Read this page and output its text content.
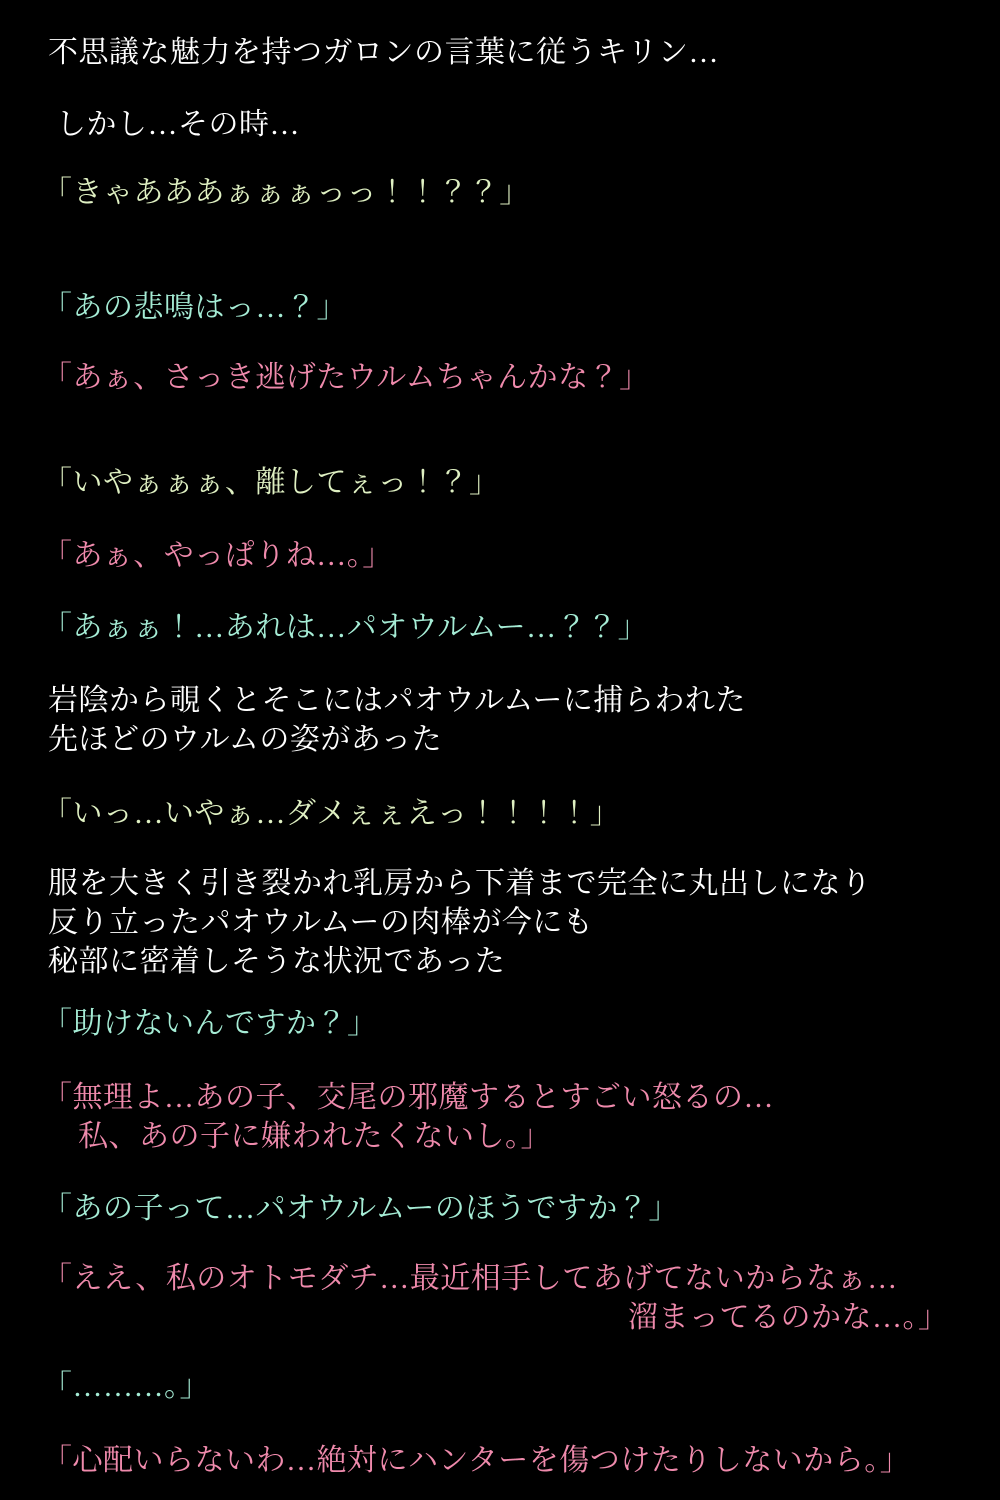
不思議な魅力を持つガロンの言葉に従うキリン…
しかし…その時…
「きゃあああぁぁぁっっ！！？？」
「あの悲鳴はっ…？」
「あぁ、さっき逃げたウルムちゃんかな？」
「いやぁぁぁ、離してぇっ！？」
「あぁ、やっぱりね…。」
「あぁぁ！…あれは…パオウルムー…？？」
岩陰から覗くとそこにはパオウルムーに捕らわれた
先ほどのウルムの姿があった
「いっ…いやぁ…ダメぇぇえっ！！！！」
服を大きく引き裂かれ乳房から下着まで完全に丸出しになり
反り立ったパオウルムーの肉棒が今にも
秘部に密着しそうな状況であった
「助けないんですか？」
「無理よ…あの子、交尾の邪魔するとすごい怒るの…
私、あの子に嫌われたくないし。」
「あの子って…パオウルムーのほうですか？」
「ええ、私のオトモダチ…最近相手してあげてないからなぁ…
溜まってるのかな…。」
「………。」
「心配いらないわ…絶対にハンターを傷つけたりしないから。」
